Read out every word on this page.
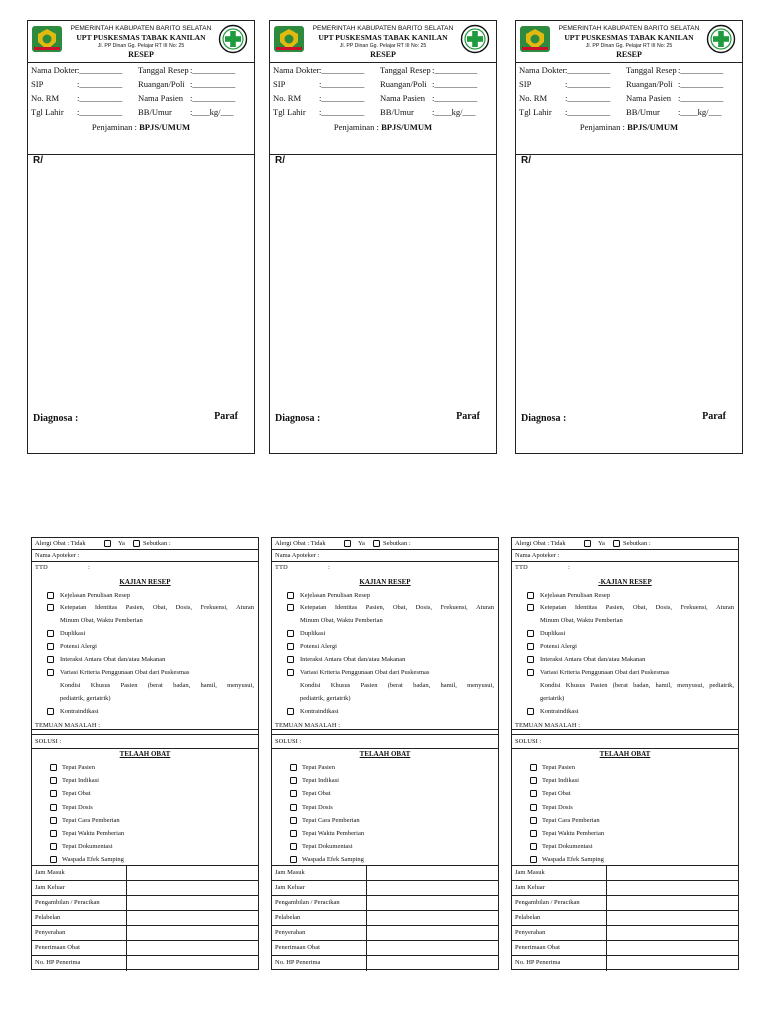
PEMERINTAH KABUPATEN BARITO SELATAN
UPT PUSKESMAS TABAK KANILAN
Jl. PP Dinan Gg. Pelajar RT III No: 25
RESEP
Nama Dokter :__________ Tanggal Resep :__________
SIP	:__________ Ruangan/Poli :__________
No. RM :__________ Nama Pasien :__________
Tgl Lahir :__________ BB/Umur :____kg/___
Penjaminan : BPJS/UMUM
R/
Diagnosa :	Paraf
PEMERINTAH KABUPATEN BARITO SELATAN
UPT PUSKESMAS TABAK KANILAN
Jl. PP Dinan Gg. Pelajar RT III No: 25
RESEP
Nama Dokter :__________ Tanggal Resep :__________
SIP	:__________ Ruangan/Poli :__________
No. RM :__________ Nama Pasien :__________
Tgl Lahir :__________ BB/Umur :____kg/___
Penjaminan : BPJS/UMUM
R/
Diagnosa :	Paraf
PEMERINTAH KABUPATEN BARITO SELATAN
UPT PUSKESMAS TABAK KANILAN
Jl. PP Dinan Gg. Pelajar RT III No: 25
RESEP
Nama Dokter :__________ Tanggal Resep :__________
SIP	:__________ Ruangan/Poli :__________
No. RM :__________ Nama Pasien :__________
Tgl Lahir :__________ BB/Umur :____kg/___
Penjaminan : BPJS/UMUM
R/
Diagnosa :	Paraf
Alergi Obat : Tidak	Ya	Sebutkan :
Nama Apoteker :
TTD	:
KAJIAN RESEP
Kejelasan Penulisan Resep
Ketepatan Identitas Pasien, Obat, Dosis, Frekuensi, Aturan
Minum Obat, Waktu Pemberian
Duplikasi
Potensi Alergi
Interaksi Antara Obat dan/atau Makanan
Variasi Kriteria Penggunaan Obat dari Puskesmas
Kondisi Khusus Pasien (berat badan, hamil, menyusui,
pediatrik, geriatrik)
Kontraindikasi
TEMUAN MASALAH :
SOLUSI :
TELAAH OBAT
Tepat Pasien
Tepat Indikasi
Tepat Obat
Tepat Dosis
Tepat Cara Pemberian
Tepat Waktu Pemberian
Tepat Dokumentasi
Waspada Efek Samping
Jam Masuk
Jam Keluar
Pengambilan / Peracikan
Pelabelan
Penyerahan
Penerimaan Obat
No. HP Penerima
Alergi Obat : Tidak	Ya	Sebutkan :
Nama Apoteker :
TTD	:
KAJIAN RESEP
Kejelasan Penulisan Resep
Ketepatan Identitas Pasien, Obat, Dosis, Frekuensi, Aturan
Minum Obat, Waktu Pemberian
Duplikasi
Potensi Alergi
Interaksi Antara Obat dan/atau Makanan
Variasi Kriteria Penggunaan Obat dari Puskesmas
Kondisi Khusus Pasien (berat badan, hamil, menyusui,
pediatrik, geriatrik)
Kontraindikasi
TEMUAN MASALAH :
SOLUSI :
TELAAH OBAT
Tepat Pasien
Tepat Indikasi
Tepat Obat
Tepat Dosis
Tepat Cara Pemberian
Tepat Waktu Pemberian
Tepat Dokumentasi
Waspada Efek Samping
Jam Masuk
Jam Keluar
Pengambilan / Peracikan
Pelabelan
Penyerahan
Penerimaan Obat
No. HP Penerima
Alergi Obat : Tidak	Ya	Sebutkan :
Nama Apoteker :
TTD	:
-KAJIAN RESEP
Kejelasan Penulisan Resep
Ketepatan Identitas Pasien, Obat, Dosis, Frekuensi, Aturan
Minum Obat, Waktu Pemberian
Duplikasi
Potensi Alergi
Interaksi Antara Obat dan/atau Makanan
Variasi Kriteria Penggunaan Obat dari Puskesmas
Kondisi Khusus Pasien (berat badan, hamil, menyusui, pediatrik,
geriatrik)
Kontraindikasi
TEMUAN MASALAH :
SOLUSI :
TELAAH OBAT
Tepat Pasien
Tepat Indikasi
Tepat Obat
Tepat Dosis
Tepat Cara Pemberian
Tepat Waktu Pemberian
Tepat Dokumentasi
Waspada Efek Samping
Jam Masuk
Jam Keluar
Pengambilan / Peracikan
Pelabelan
Penyerahan
Penerimaan Obat
No. HP Penerima
